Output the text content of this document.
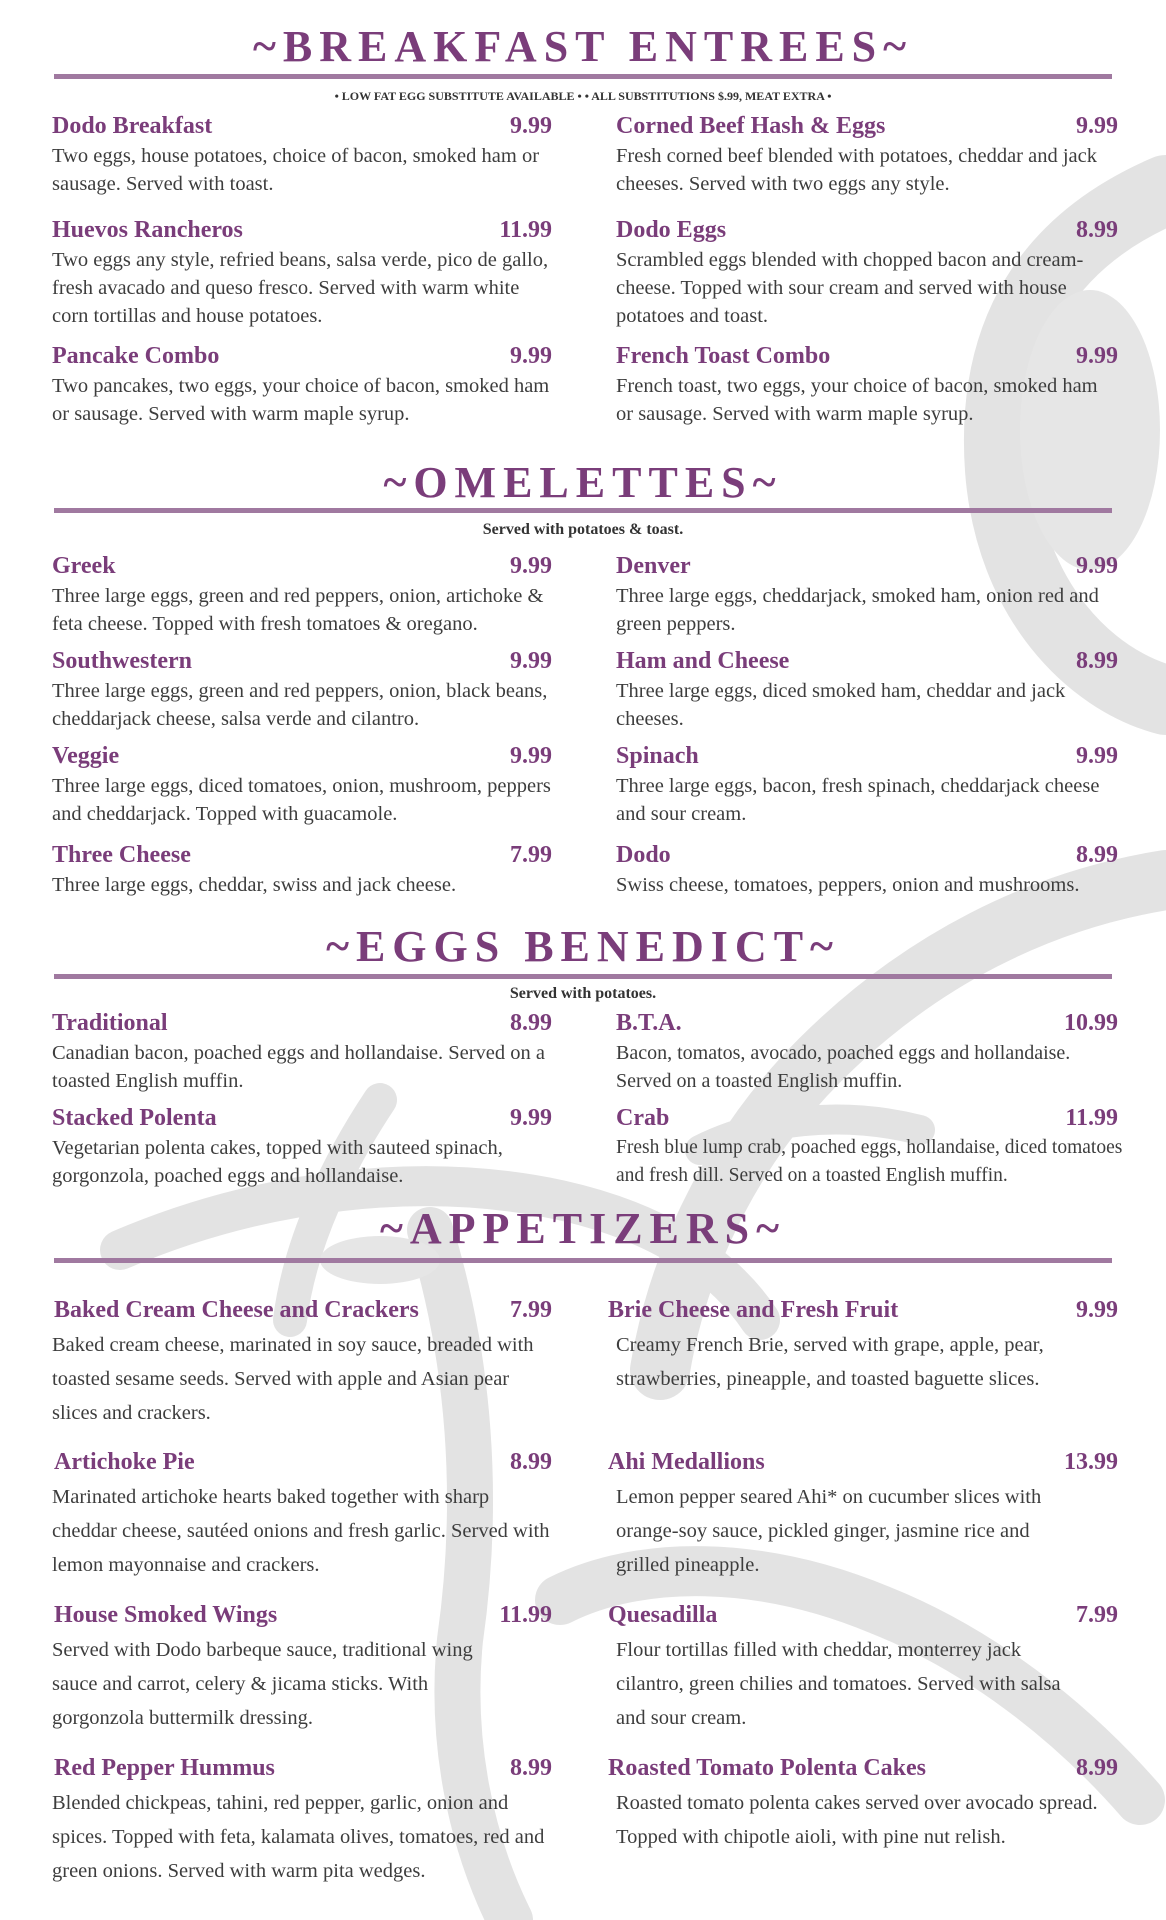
~BREAKFAST ENTREES~
• LOW FAT EGG SUBSTITUTE AVAILABLE • • ALL SUBSTITUTIONS $.99, MEAT EXTRA •
Dodo Breakfast	9.99
Two eggs, house potatoes, choice of bacon, smoked ham or sausage. Served with toast.
Corned Beef Hash & Eggs	9.99
Fresh corned beef blended with potatoes, cheddar and jack cheeses. Served with two eggs any style.
Huevos Rancheros	11.99
Two eggs any style, refried beans, salsa verde, pico de gallo, fresh avacado and queso fresco. Served with warm white corn tortillas and house potatoes.
Dodo Eggs	8.99
Scrambled eggs blended with chopped bacon and cream-cheese. Topped with sour cream and served with house potatoes and toast.
Pancake Combo	9.99
Two pancakes, two eggs, your choice of bacon, smoked ham or sausage. Served with warm maple syrup.
French Toast Combo	9.99
French toast, two eggs, your choice of bacon, smoked ham or sausage. Served with warm maple syrup.
~OMELETTES~
Served with potatoes & toast.
Greek	9.99
Three large eggs, green and red peppers, onion, artichoke & feta cheese. Topped with fresh tomatoes & oregano.
Denver	9.99
Three large eggs, cheddarjack, smoked ham, onion red and green peppers.
Southwestern	9.99
Three large eggs, green and red peppers, onion, black beans, cheddarjack cheese, salsa verde and cilantro.
Ham and Cheese	8.99
Three large eggs, diced smoked ham, cheddar and jack cheeses.
Veggie	9.99
Three large eggs, diced tomatoes, onion, mushroom, peppers and cheddarjack. Topped with guacamole.
Spinach	9.99
Three large eggs, bacon, fresh spinach, cheddarjack cheese and sour cream.
Three Cheese	7.99
Three large eggs, cheddar, swiss and jack cheese.
Dodo	8.99
Swiss cheese, tomatoes, peppers, onion and mushrooms.
~EGGS BENEDICT~
Served with potatoes.
Traditional	8.99
Canadian bacon, poached eggs and hollandaise. Served on a toasted English muffin.
B.T.A.	10.99
Bacon, tomatos, avocado, poached eggs and hollandaise. Served on a toasted English muffin.
Stacked Polenta	9.99
Vegetarian polenta cakes, topped with sauteed spinach, gorgonzola, poached eggs and hollandaise.
Crab	11.99
Fresh blue lump crab, poached eggs, hollandaise, diced tomatoes and fresh dill. Served on a toasted English muffin.
~APPETIZERS~
Baked Cream Cheese and Crackers	7.99
Baked cream cheese, marinated in soy sauce, breaded with toasted sesame seeds. Served with apple and Asian pear slices and crackers.
Brie Cheese and Fresh Fruit	9.99
Creamy French Brie, served with grape, apple, pear, strawberries, pineapple, and toasted baguette slices.
Artichoke Pie	8.99
Marinated artichoke hearts baked together with sharp cheddar cheese, sautéed onions and fresh garlic. Served with lemon mayonnaise and crackers.
Ahi Medallions	13.99
Lemon pepper seared Ahi* on cucumber slices with orange-soy sauce, pickled ginger, jasmine rice and grilled pineapple.
House Smoked Wings	11.99
Served with Dodo barbeque sauce, traditional wing sauce and carrot, celery & jicama sticks. With gorgonzola buttermilk dressing.
Quesadilla	7.99
Flour tortillas filled with cheddar, monterrey jack cilantro, green chilies and tomatoes. Served with salsa and sour cream.
Red Pepper Hummus	8.99
Blended chickpeas, tahini, red pepper, garlic, onion and spices. Topped with feta, kalamata olives, tomatoes, red and green onions. Served with warm pita wedges.
Roasted Tomato Polenta Cakes	8.99
Roasted tomato polenta cakes served over avocado spread. Topped with chipotle aioli, with pine nut relish.
